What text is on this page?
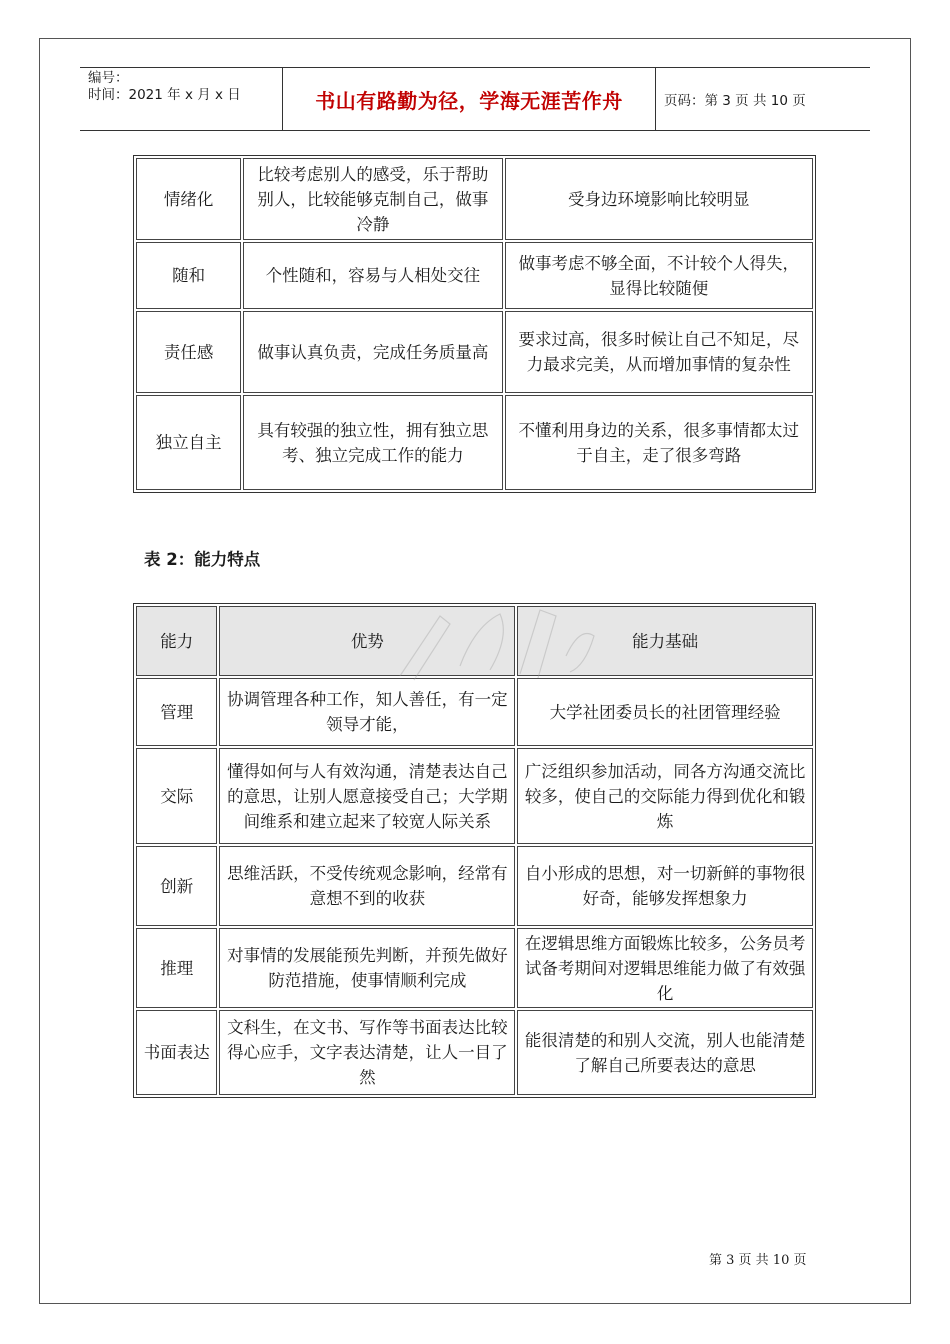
编号：
时间：2021 年 x 月 x 日	书山有路勤为径，学海无涯苦作舟	页码：第 3 页 共 10 页
情绪化	比较考虑别人的感受，乐于帮助别人，比较能够克制自己，做事冷静	受身边环境影响比较明显
随和	个性随和，容易与人相处交往	做事考虑不够全面，不计较个人得失，显得比较随便
责任感	做事认真负责，完成任务质量高	要求过高，很多时候让自己不知足，尽力最求完美，从而增加事情的复杂性
独立自主	具有较强的独立性，拥有独立思考、独立完成工作的能力	不懂利用身边的关系，很多事情都太过于自主，走了很多弯路
表 2：能力特点
能力	优势	能力基础
管理	协调管理各种工作，知人善任，有一定领导才能，	大学社团委员长的社团管理经验
交际	懂得如何与人有效沟通，清楚表达自己的意思，让别人愿意接受自己；大学期间维系和建立起来了较宽人际关系	广泛组织参加活动，同各方沟通交流比较多，使自己的交际能力得到优化和锻炼
创新	思维活跃，不受传统观念影响，经常有意想不到的收获	自小形成的思想，对一切新鲜的事物很好奇，能够发挥想象力
推理	对事情的发展能预先判断，并预先做好防范措施，使事情顺利完成	在逻辑思维方面锻炼比较多，公务员考试备考期间对逻辑思维能力做了有效强化
书面表达	文科生，在文书、写作等书面表达比较得心应手，文字表达清楚，让人一目了然	能很清楚的和别人交流，别人也能清楚了解自己所要表达的意思
第 3 页 共 10 页
